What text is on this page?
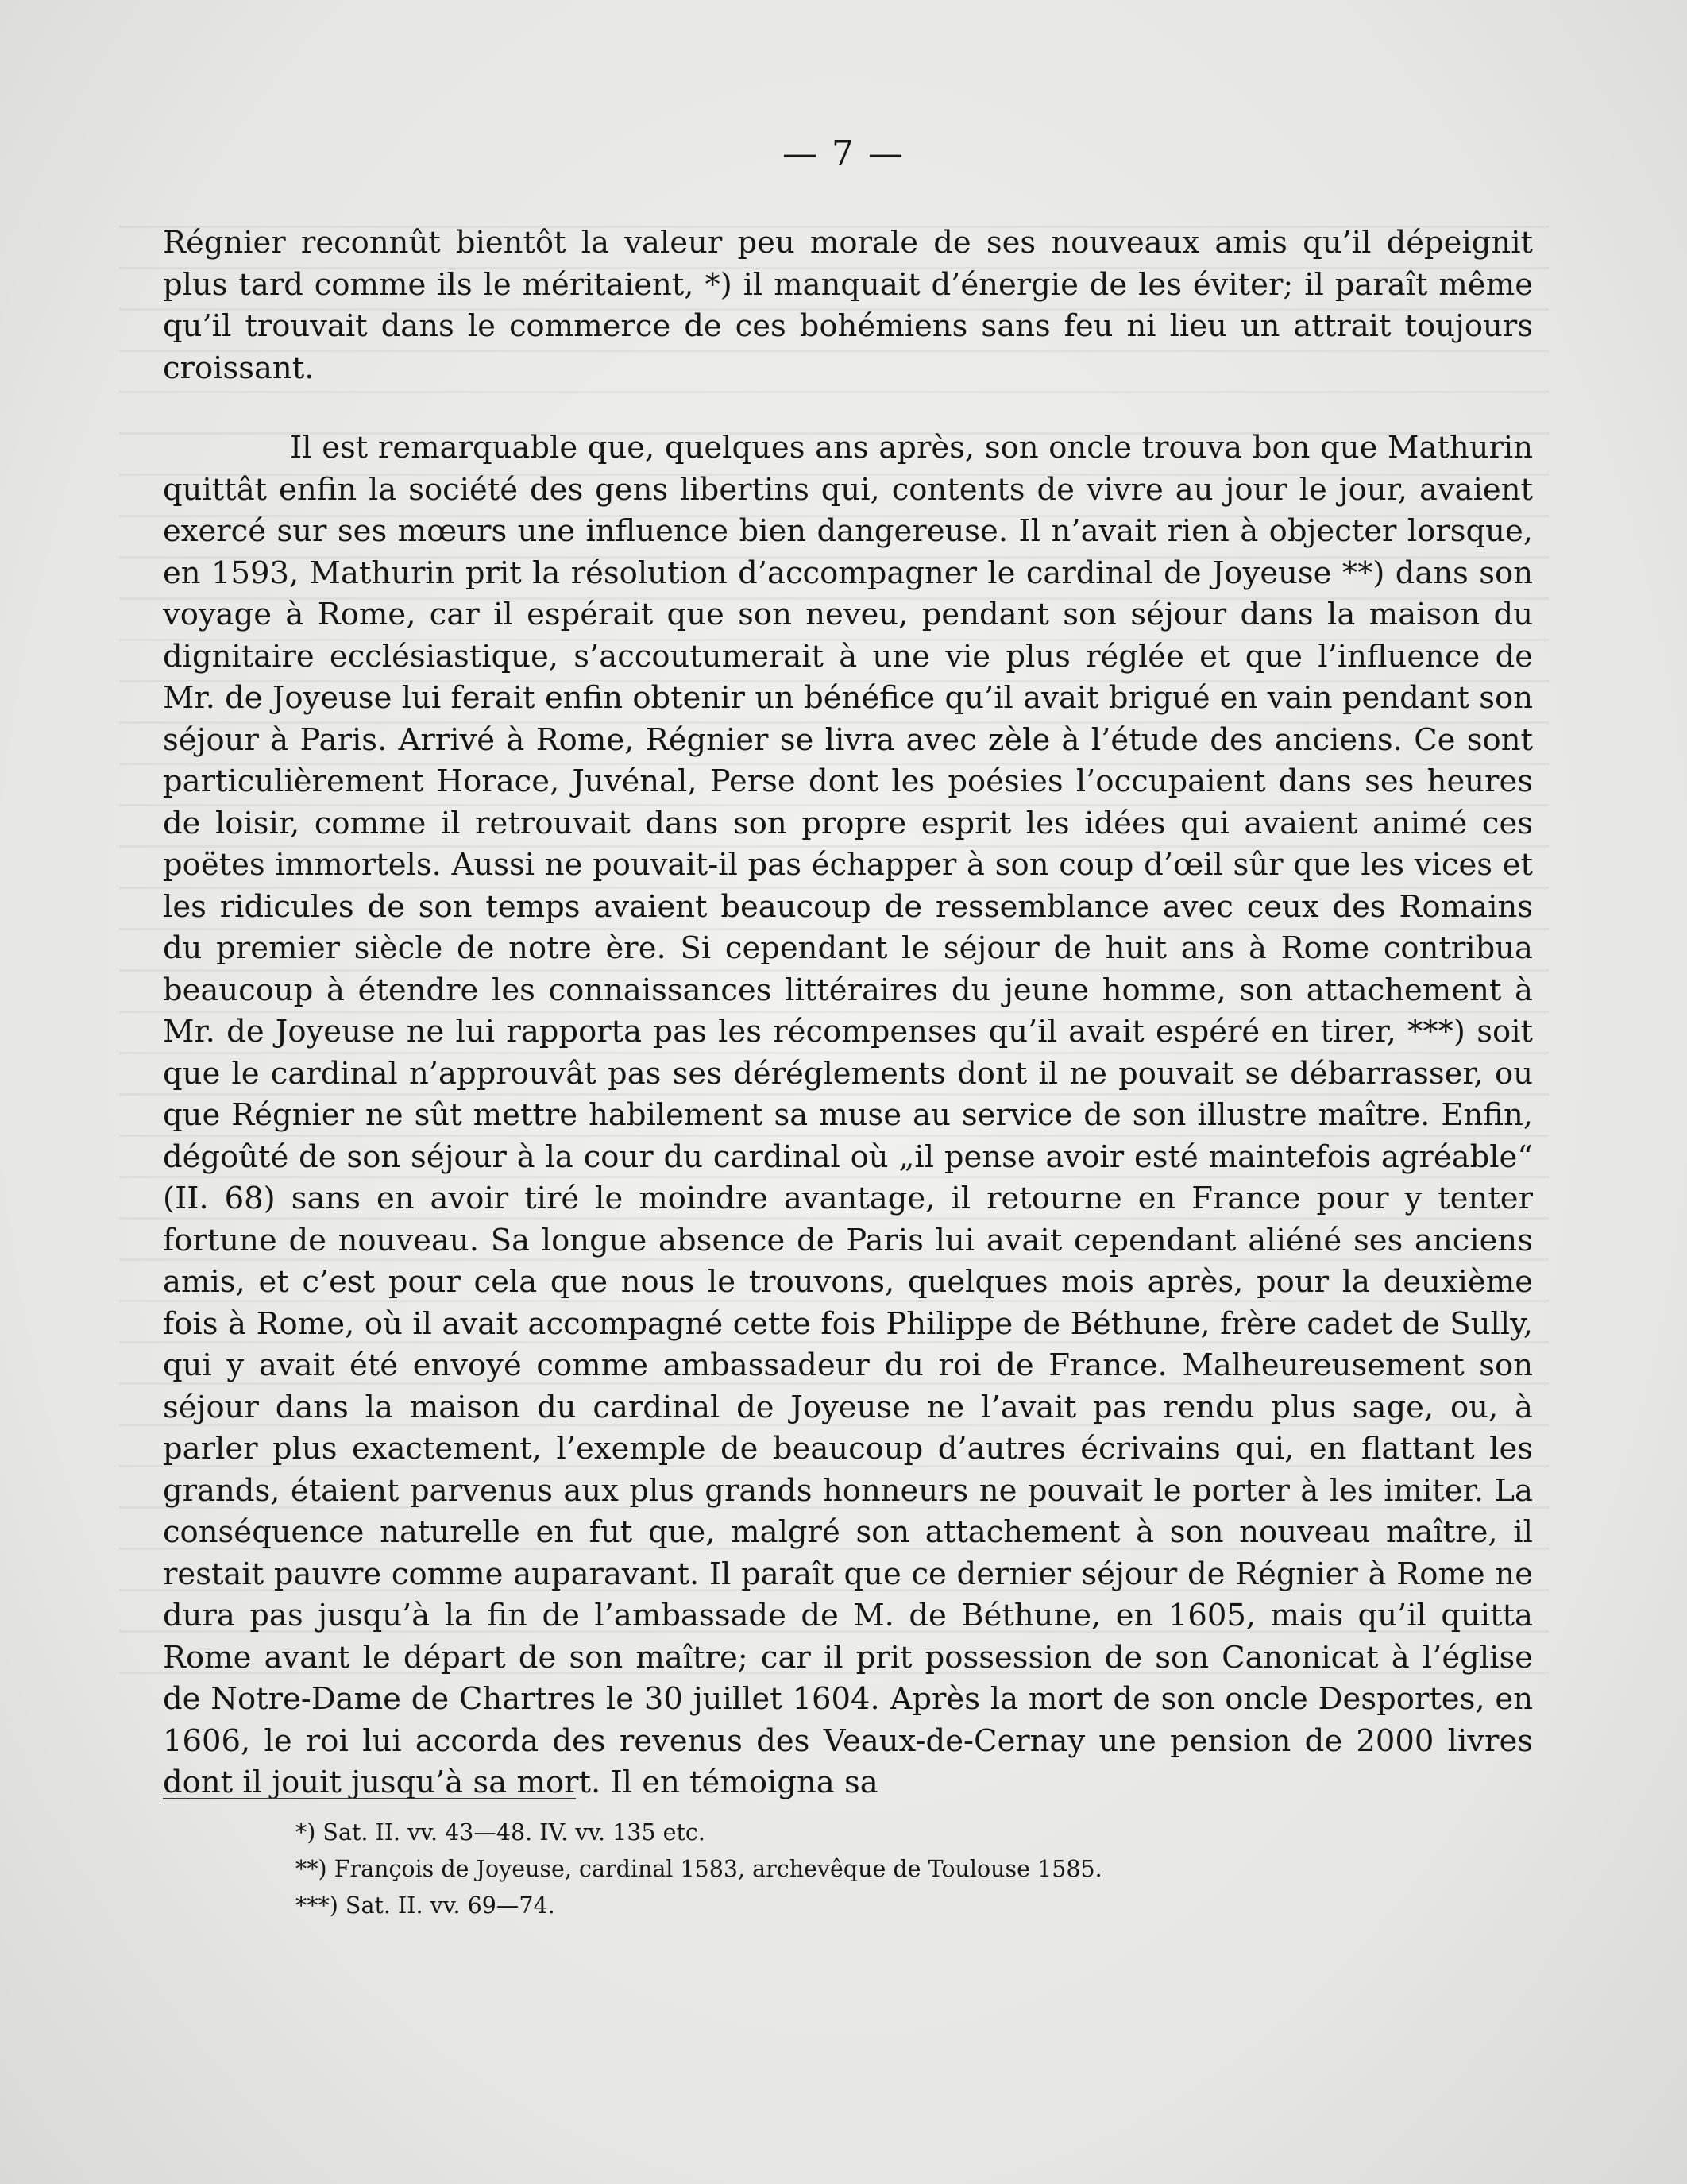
— 7 —

Régnier reconnût bientôt la valeur peu morale de ses nouveaux amis qu’il dépeignit plus tard comme ils le méritaient, *) il manquait d’énergie de les éviter; il paraît même qu’il trouvait dans le commerce de ces bohémiens sans feu ni lieu un attrait toujours croissant.

Il est remarquable que, quelques ans après, son oncle trouva bon que Mathurin quittât enfin la société des gens libertins qui, contents de vivre au jour le jour, avaient exercé sur ses mœurs une influence bien dangereuse. Il n’avait rien à objecter lorsque, en 1593, Mathurin prit la résolution d’accompagner le cardinal de Joyeuse **) dans son voyage à Rome, car il espérait que son neveu, pendant son séjour dans la maison du dignitaire ecclésiastique, s’accoutumerait à une vie plus réglée et que l’influence de Mr. de Joyeuse lui ferait enfin obtenir un bénéfice qu’il avait brigué en vain pendant son séjour à Paris. Arrivé à Rome, Régnier se livra avec zèle à l’étude des anciens. Ce sont particulièrement Horace, Juvénal, Perse dont les poésies l’occupaient dans ses heures de loisir, comme il retrouvait dans son propre esprit les idées qui avaient animé ces poëtes immortels. Aussi ne pouvait-il pas échapper à son coup d’œil sûr que les vices et les ridicules de son temps avaient beaucoup de ressemblance avec ceux des Romains du premier siècle de notre ère. Si cependant le séjour de huit ans à Rome contribua beaucoup à étendre les connaissances littéraires du jeune homme, son attachement à Mr. de Joyeuse ne lui rapporta pas les récompenses qu’il avait espéré en tirer, ***) soit que le cardinal n’approuvât pas ses déréglements dont il ne pouvait se débarrasser, ou que Régnier ne sût mettre habilement sa muse au service de son illustre maître. Enfin, dégoûté de son séjour à la cour du cardinal où „il pense avoir esté maintefois agréable“ (II. 68) sans en avoir tiré le moindre avantage, il retourne en France pour y tenter fortune de nouveau. Sa longue absence de Paris lui avait cependant aliéné ses anciens amis, et c’est pour cela que nous le trouvons, quelques mois après, pour la deuxième fois à Rome, où il avait accompagné cette fois Philippe de Béthune, frère cadet de Sully, qui y avait été envoyé comme ambassadeur du roi de France. Malheureusement son séjour dans la maison du cardinal de Joyeuse ne l’avait pas rendu plus sage, ou, à parler plus exactement, l’exemple de beaucoup d’autres écrivains qui, en flattant les grands, étaient parvenus aux plus grands honneurs ne pouvait le porter à les imiter. La conséquence naturelle en fut que, malgré son attachement à son nouveau maître, il restait pauvre comme auparavant. Il paraît que ce dernier séjour de Régnier à Rome ne dura pas jusqu’à la fin de l’ambassade de M. de Béthune, en 1605, mais qu’il quitta Rome avant le départ de son maître; car il prit possession de son Canonicat à l’église de Notre-Dame de Chartres le 30 juillet 1604. Après la mort de son oncle Desportes, en 1606, le roi lui accorda des revenus des Veaux-de-Cernay une pension de 2000 livres dont il jouit jusqu’à sa mort. Il en témoigna sa

*) Sat. II. vv. 43—48. IV. vv. 135 etc.
**) François de Joyeuse, cardinal 1583, archevêque de Toulouse 1585.
***) Sat. II. vv. 69—74.
